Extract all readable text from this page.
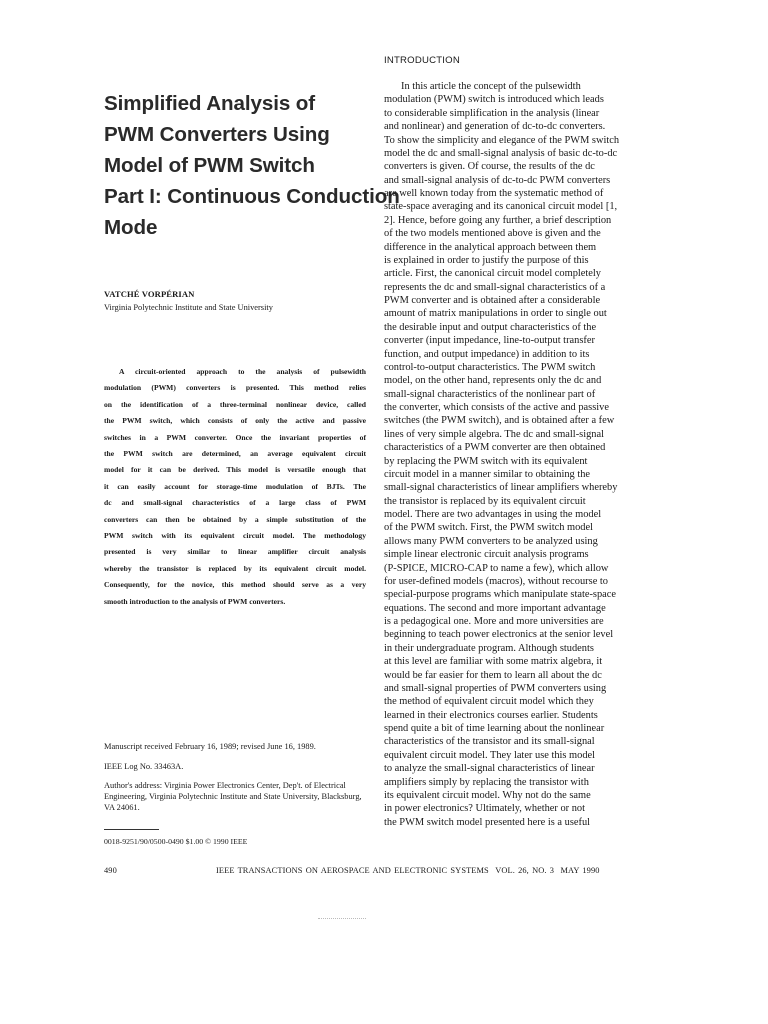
Simplified Analysis of
PWM Converters Using
Model of PWM Switch
Part I: Continuous Conduction
Mode
VATCHÉ VORPÉRIAN
Virginia Polytechnic Institute and State University
A circuit-oriented approach to the analysis of pulsewidth
modulation (PWM) converters is presented. This method relies
on the identification of a three-terminal nonlinear device, called
the PWM switch, which consists of only the active and passive
switches in a PWM converter. Once the invariant properties of
the PWM switch are determined, an average equivalent circuit
model for it can be derived. This model is versatile enough that
it can easily account for storage-time modulation of BJTs. The
dc and small-signal characteristics of a large class of PWM
converters can then be obtained by a simple substitution of the
PWM switch with its equivalent circuit model. The methodology
presented is very similar to linear amplifier circuit analysis
whereby the transistor is replaced by its equivalent circuit model.
Consequently, for the novice, this method should serve as a very
smooth introduction to the analysis of PWM converters.

Manuscript received February 16, 1989; revised June 16, 1989.

IEEE Log No. 33463A.

Author's address: Virginia Power Electronics Center, Dep't. of Electrical Engineering, Virginia Polytechnic Institute and State University, Blacksburg, VA 24061.

0018-9251/90/0500-0490 $1.00 © 1990 IEEE
INTRODUCTION
In this article the concept of the pulsewidth
modulation (PWM) switch is introduced which leads
to considerable simplification in the analysis (linear
and nonlinear) and generation of dc-to-dc converters.
To show the simplicity and elegance of the PWM switch
model the dc and small-signal analysis of basic dc-to-dc
converters is given. Of course, the results of the dc
and small-signal analysis of dc-to-dc PWM converters
are well known today from the systematic method of
state-space averaging and its canonical circuit model [1,
2]. Hence, before going any further, a brief description
of the two models mentioned above is given and the
difference in the analytical approach between them
is explained in order to justify the purpose of this
article. First, the canonical circuit model completely
represents the dc and small-signal characteristics of a
PWM converter and is obtained after a considerable
amount of matrix manipulations in order to single out
the desirable input and output characteristics of the
converter (input impedance, line-to-output transfer
function, and output impedance) in addition to its
control-to-output characteristics. The PWM switch
model, on the other hand, represents only the dc and
small-signal characteristics of the nonlinear part of
the converter, which consists of the active and passive
switches (the PWM switch), and is obtained after a few
lines of very simple algebra. The dc and small-signal
characteristics of a PWM converter are then obtained
by replacing the PWM switch with its equivalent
circuit model in a manner similar to obtaining the
small-signal characteristics of linear amplifiers whereby
the transistor is replaced by its equivalent circuit
model. There are two advantages in using the model
of the PWM switch. First, the PWM switch model
allows many PWM converters to be analyzed using
simple linear electronic circuit analysis programs
(P-SPICE, MICRO-CAP to name a few), which allow
for user-defined models (macros), without recourse to
special-purpose programs which manipulate state-space
equations. The second and more important advantage
is a pedagogical one. More and more universities are
beginning to teach power electronics at the senior level
in their undergraduate program. Although students
at this level are familiar with some matrix algebra, it
would be far easier for them to learn all about the dc
and small-signal properties of PWM converters using
the method of equivalent circuit model which they
learned in their electronics courses earlier. Students
spend quite a bit of time learning about the nonlinear
characteristics of the transistor and its small-signal
equivalent circuit model. They later use this model
to analyze the small-signal characteristics of linear
amplifiers simply by replacing the transistor with
its equivalent circuit model. Why not do the same
in power electronics? Ultimately, whether or not
the PWM switch model presented here is a useful
490	IEEE TRANSACTIONS ON AEROSPACE AND ELECTRONIC SYSTEMS VOL. 26, NO. 3 MAY 1990
